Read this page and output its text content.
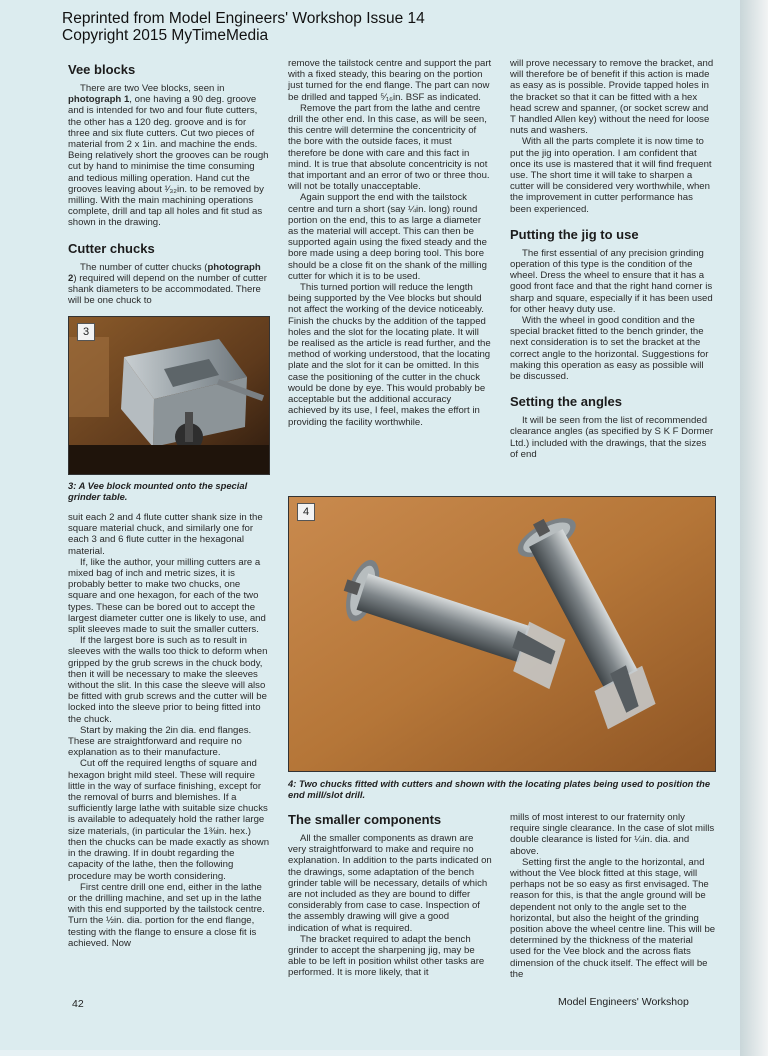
Reprinted from Model Engineers' Workshop Issue 14
Copyright 2015 MyTimeMedia
Vee blocks

There are two Vee blocks, seen in photograph 1, one having a 90 deg. groove and is intended for two and four flute cutters, the other has a 120 deg. groove and is for three and six flute cutters. Cut two pieces of material from 2 x 1in. and machine the ends. Being relatively short the grooves can be rough cut by hand to minimise the time consuming and tedious milling operation. Hand cut the grooves leaving about ¹⁄₃₂in. to be removed by milling. With the main machining operations complete, drill and tap all holes and fit stud as shown in the drawing.

Cutter chucks

The number of cutter chucks (photograph 2) required will depend on the number of cutter shank diameters to be accommodated. There will be one chuck to

3
3: A Vee block mounted onto the special grinder table.

suit each 2 and 4 flute cutter shank size in the square material chuck, and similarly one for each 3 and 6 flute cutter in the hexagonal material.

If, like the author, your milling cutters are a mixed bag of inch and metric sizes, it is probably better to make two chucks, one square and one hexagon, for each of the two types. These can be bored out to accept the largest diameter cutter one is likely to use, and split sleeves made to suit the smaller cutters.

If the largest bore is such as to result in sleeves with the walls too thick to deform when gripped by the grub screws in the chuck body, then it will be necessary to make the sleeves without the slit. In this case the sleeve will also be fitted with grub screws and the cutter will be locked into the sleeve prior to being fitted into the chuck.

Start by making the 2in dia. end flanges. These are straightforward and require no explanation as to their manufacture.

Cut off the required lengths of square and hexagon bright mild steel. These will require little in the way of surface finishing, except for the removal of burrs and blemishes. If a sufficiently large lathe with suitable size chucks is available to adequately hold the rather large size materials, (in particular the 1⅜in. hex.) then the chucks can be made exactly as shown in the drawing. If in doubt regarding the capacity of the lathe, then the following procedure may be worth considering.

First centre drill one end, either in the lathe or the drilling machine, and set up in the lathe with this end supported by the tailstock centre. Turn the ½in. dia. portion for the end flange, testing with the flange to ensure a close fit is achieved. Now

remove the tailstock centre and support the part with a fixed steady, this bearing on the portion just turned for the end flange. The part can now be drilled and tapped ⁵⁄₁₆in. BSF as indicated.

Remove the part from the lathe and centre drill the other end. In this case, as will be seen, this centre will determine the concentricity of the bore with the outside faces, it must therefore be done with care and this fact in mind. It is true that absolute concentricity is not that important and an error of two or three thou. will not be totally unacceptable.

Again support the end with the tailstock centre and turn a short (say ¼in. long) round portion on the end, this to as large a diameter as the material will accept. This can then be supported again using the fixed steady and the bore made using a deep boring tool. This bore should be a close fit on the shank of the milling cutter for which it is to be used.

This turned portion will reduce the length being supported by the Vee blocks but should not affect the working of the device noticeably. Finish the chucks by the addition of the tapped holes and the slot for the locating plate. It will be realised as the article is read further, and the method of working understood, that the locating plate and the slot for it can be omitted. In this case the positioning of the cutter in the chuck would be done by eye. This would probably be acceptable but the additional accuracy achieved by its use, I feel, makes the effort in providing the facility worthwhile.

will prove necessary to remove the bracket, and will therefore be of benefit if this action is made as easy as is possible. Provide tapped holes in the bracket so that it can be fitted with a hex head screw and spanner, (or socket screw and T handled Allen key) without the need for loose nuts and washers.

With all the parts complete it is now time to put the jig into operation. I am confident that once its use is mastered that it will find frequent use. The short time it will take to sharpen a cutter will be considered very worthwhile, when the improvement in cutter performance has been experienced.

Putting the jig to use

The first essential of any precision grinding operation of this type is the condition of the wheel. Dress the wheel to ensure that it has a good front face and that the right hand corner is sharp and square, especially if it has been used for other heavy duty use.

With the wheel in good condition and the special bracket fitted to the bench grinder, the next consideration is to set the bracket at the correct angle to the horizontal. Suggestions for making this operation as easy as possible will be discussed.

Setting the angles

It will be seen from the list of recommended clearance angles (as specified by S K F Dormer Ltd.) included with the drawings, that the sizes of end

4
4: Two chucks fitted with cutters and shown with the locating plates being used to position the end mill/slot drill.
The smaller components

All the smaller components as drawn are very straightforward to make and require no explanation. In addition to the parts indicated on the drawings, some adaptation of the bench grinder table will be necessary, details of which are not included as they are bound to differ considerably from case to case. Inspection of the assembly drawing will give a good indication of what is required.

The bracket required to adapt the bench grinder to accept the sharpening jig, may be able to be left in position whilst other tasks are performed. It is more likely, that it

mills of most interest to our fraternity only require single clearance. In the case of slot mills double clearance is listed for ¼in. dia. and above.

Setting first the angle to the horizontal, and without the Vee block fitted at this stage, will perhaps not be so easy as first envisaged. The reason for this, is that the angle ground will be dependent not only to the angle set to the horizontal, but also the height of the grinding position above the wheel centre line. This will be determined by the thickness of the material used for the Vee block and the across flats dimension of the chuck itself. The effect will be the

42	Model Engineers' Workshop
